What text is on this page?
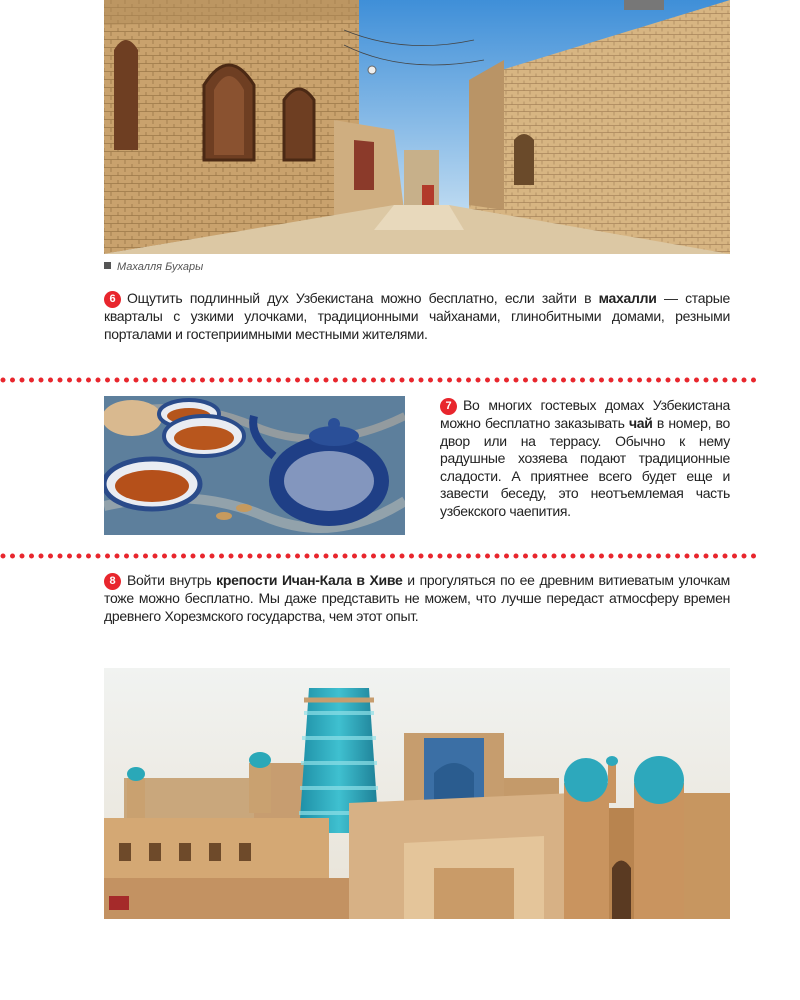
Махалля Бухары
6 Ощутить подлинный дух Узбекистана можно бесплатно, если зайти в махалли — старые кварталы с узкими улочками, традиционными чайханами, глинобитными домами, резными порталами и гостеприимными местными жителями.
7 Во многих гостевых домах Узбекистана можно бесплатно заказывать чай в номер, во двор или на террасу. Обычно к нему радушные хозяева подают традиционные сладости. А приятнее всего будет еще и завести беседу, это неотъемлемая часть узбекского чаепития.
8 Войти внутрь крепости Ичан-Кала в Хиве и прогуляться по ее древним витиеватым улочкам тоже можно бесплатно. Мы даже представить не можем, что лучше передаст атмосферу времен древнего Хорезмского государства, чем этот опыт.
